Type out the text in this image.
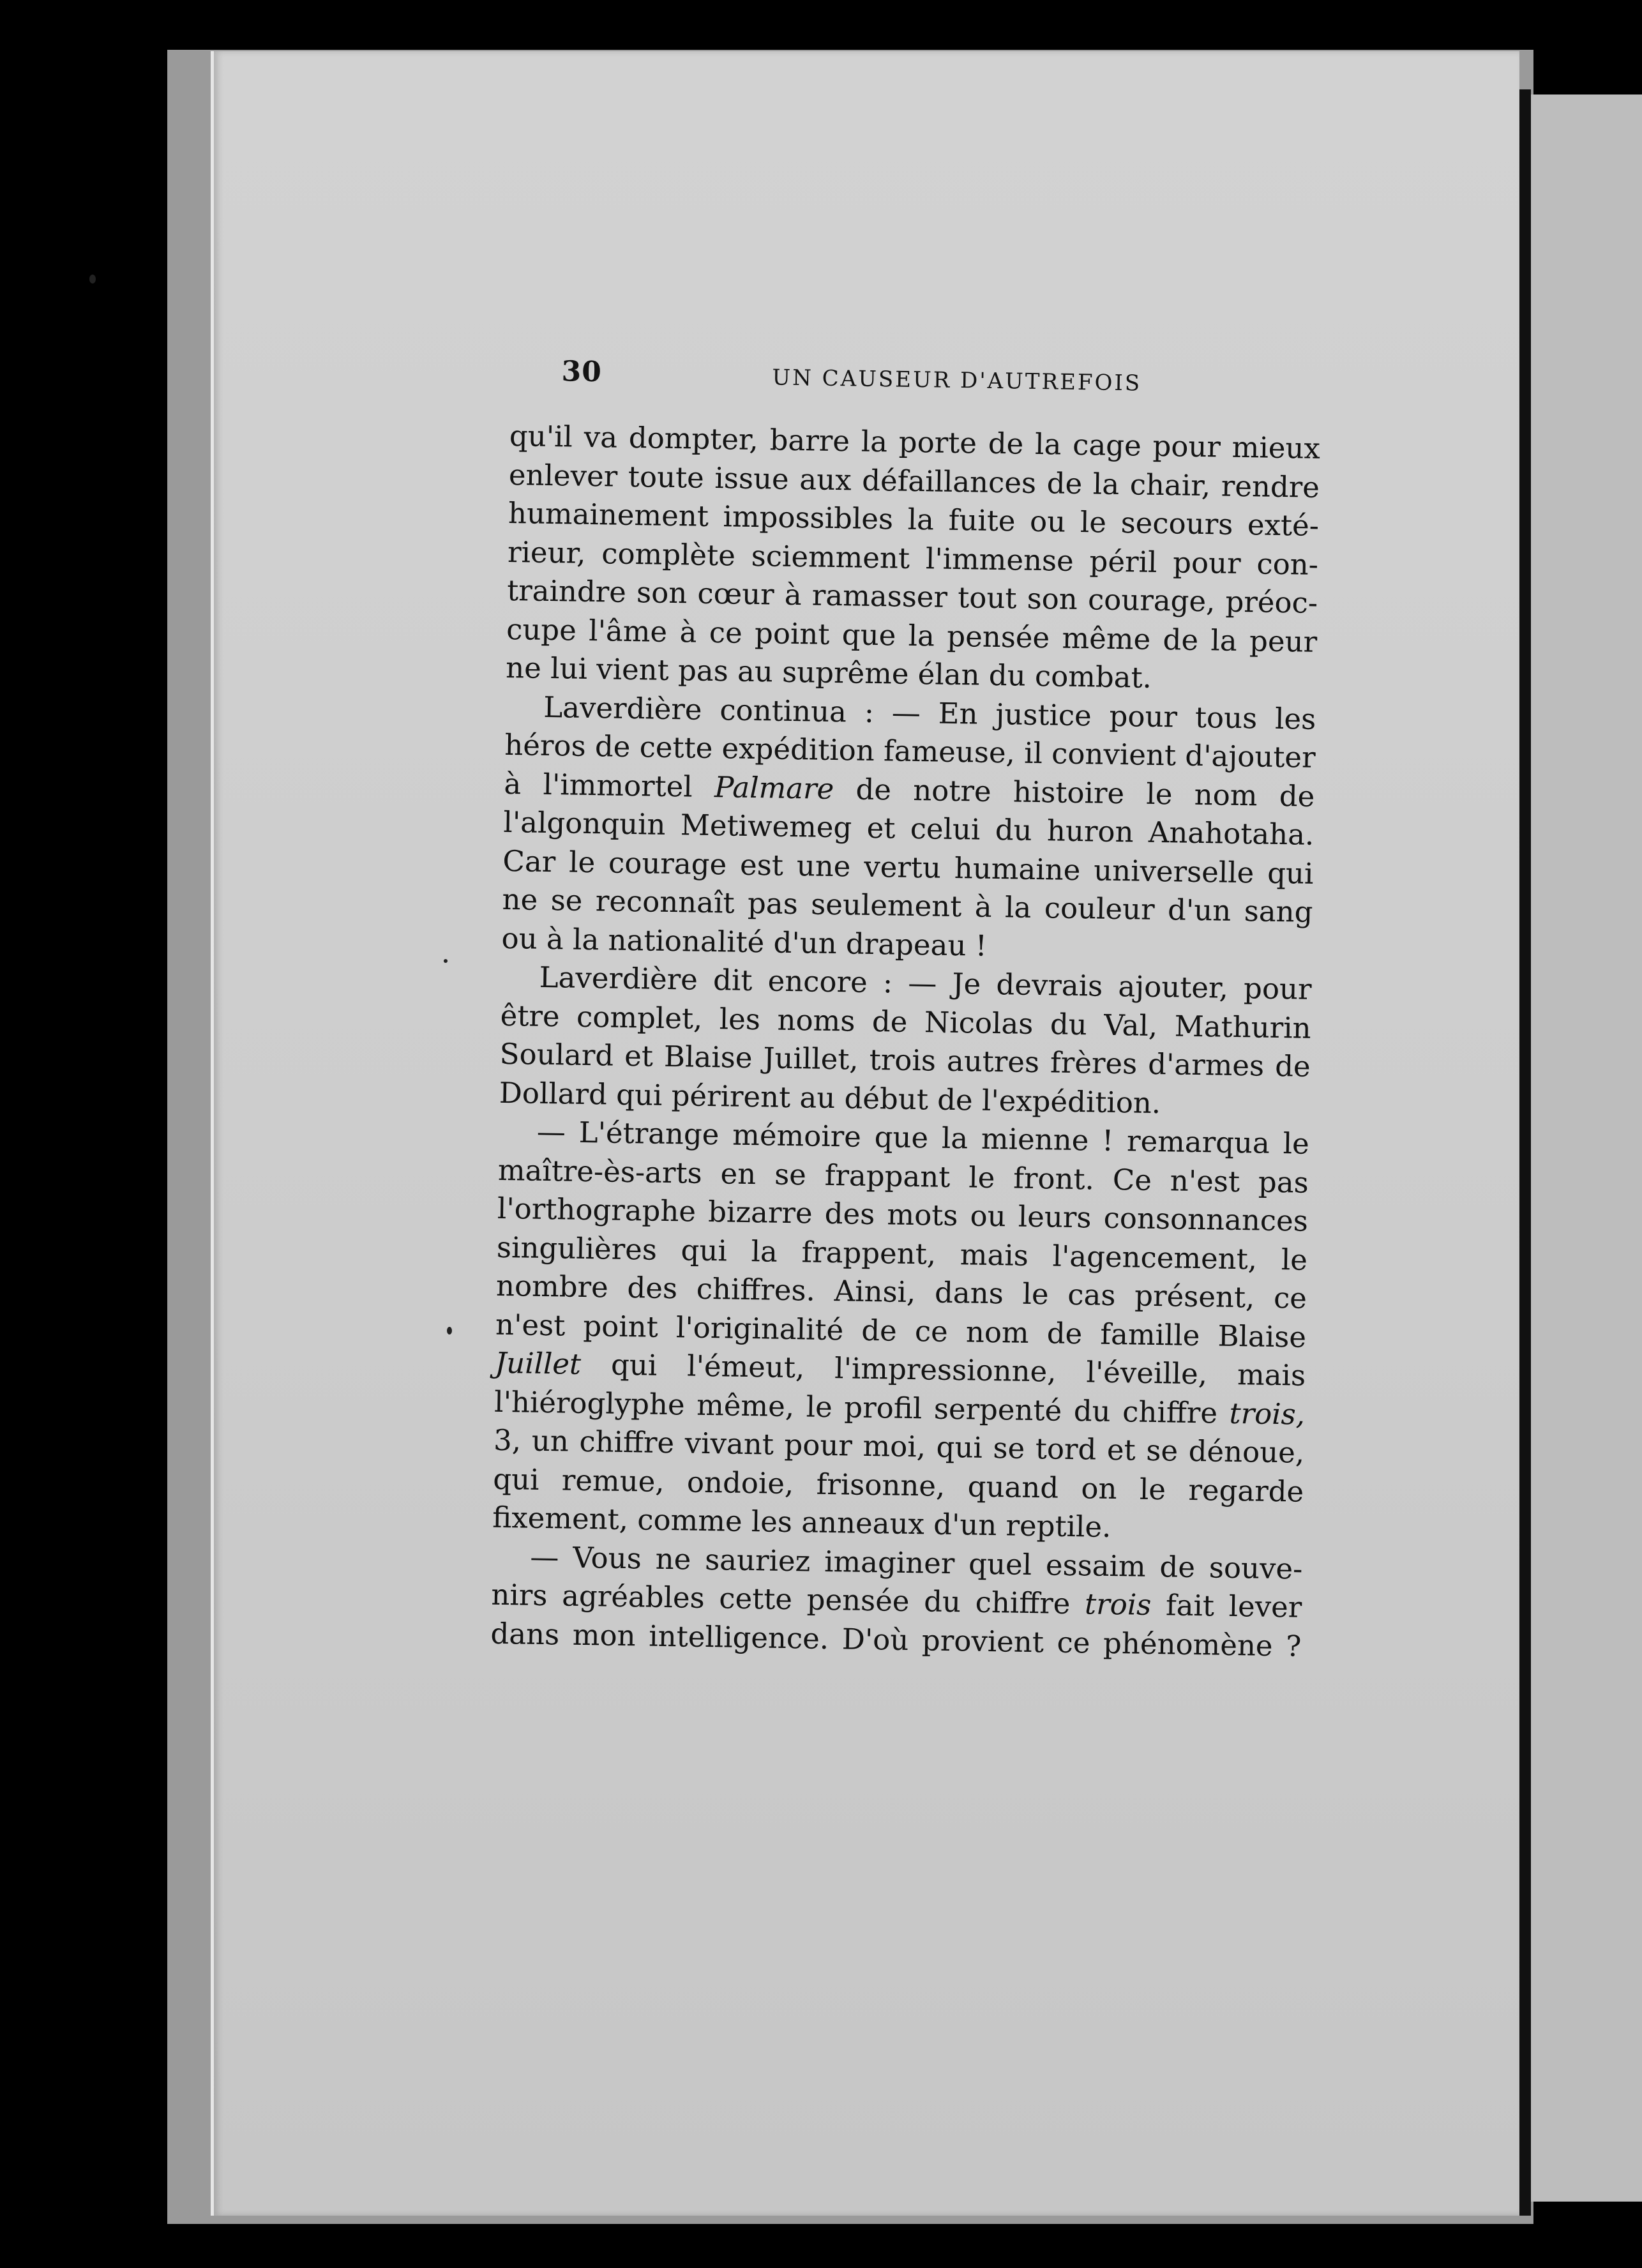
30	UN CAUSEUR D'AUTREFOIS
qu'il va dompter, barre la porte de la cage pour mieux
enlever toute issue aux défaillances de la chair, rendre
humainement impossibles la fuite ou le secours exté-
rieur, complète sciemment l'immense péril pour con-
traindre son cœur à ramasser tout son courage, préoc-
cupe l'âme à ce point que la pensée même de la peur
ne lui vient pas au suprême élan du combat.
Laverdière continua : — En justice pour tous les
héros de cette expédition fameuse, il convient d'ajouter
à l'immortel Palmare de notre histoire le nom de
l'algonquin Metiwemeg et celui du huron Anahotaha.
Car le courage est une vertu humaine universelle qui
ne se reconnaît pas seulement à la couleur d'un sang
ou à la nationalité d'un drapeau !
Laverdière dit encore : — Je devrais ajouter, pour
être complet, les noms de Nicolas du Val, Mathurin
Soulard et Blaise Juillet, trois autres frères d'armes de
Dollard qui périrent au début de l'expédition.
— L'étrange mémoire que la mienne ! remarqua le
maître-ès-arts en se frappant le front. Ce n'est pas
l'orthographe bizarre des mots ou leurs consonnances
singulières qui la frappent, mais l'agencement, le
nombre des chiffres. Ainsi, dans le cas présent, ce
n'est point l'originalité de ce nom de famille Blaise
Juillet qui l'émeut, l'impressionne, l'éveille, mais
l'hiéroglyphe même, le profil serpenté du chiffre trois,
3, un chiffre vivant pour moi, qui se tord et se dénoue,
qui remue, ondoie, frisonne, quand on le regarde
fixement, comme les anneaux d'un reptile.
— Vous ne sauriez imaginer quel essaim de souve-
nirs agréables cette pensée du chiffre trois fait lever
dans mon intelligence. D'où provient ce phénomène ?
